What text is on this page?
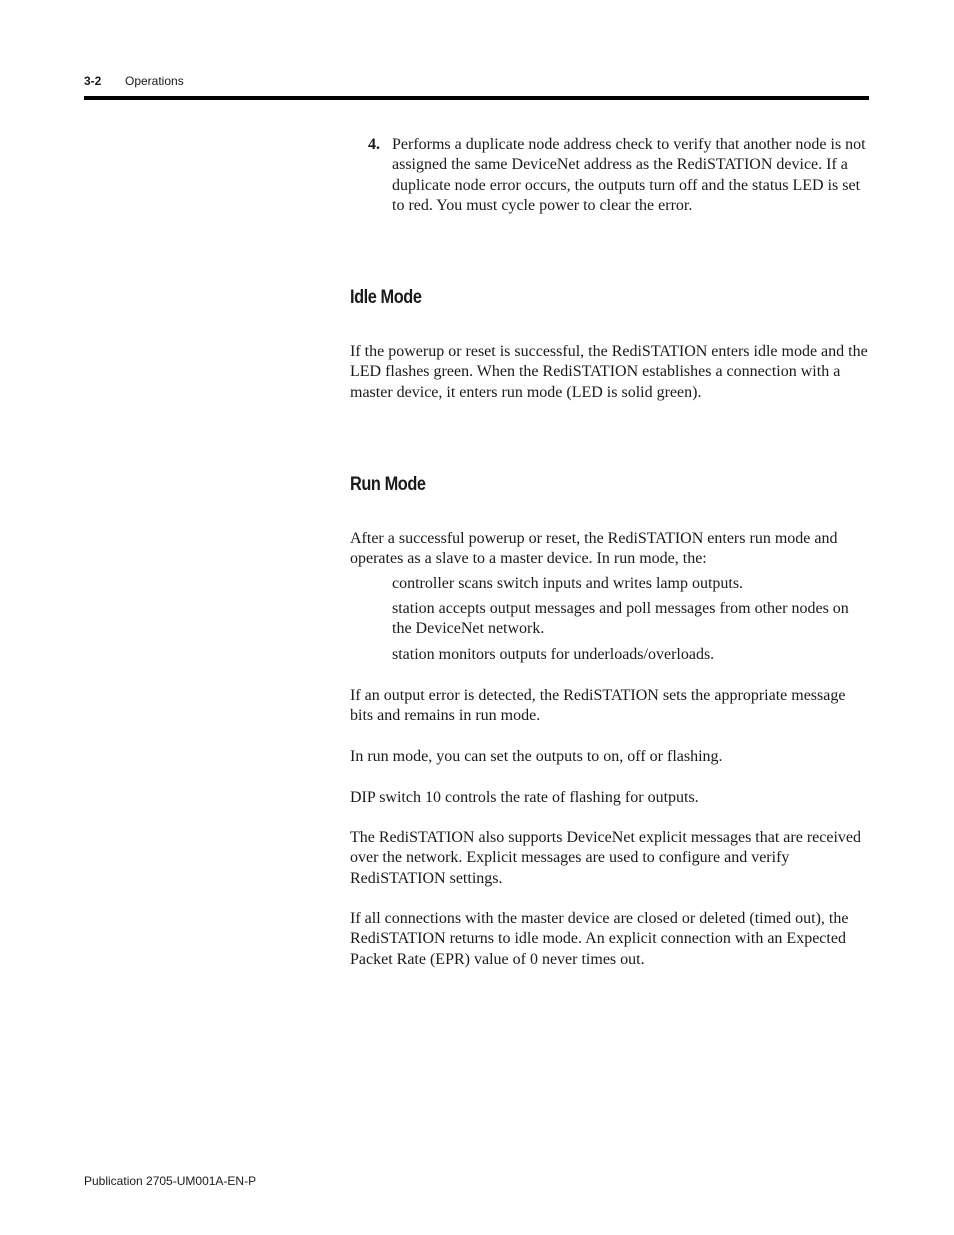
3-2 Operations
4. Performs a duplicate node address check to verify that another node is not assigned the same DeviceNet address as the RediSTATION device. If a duplicate node error occurs, the outputs turn off and the status LED is set to red. You must cycle power to clear the error.
Idle Mode
If the powerup or reset is successful, the RediSTATION enters idle mode and the LED flashes green. When the RediSTATION establishes a connection with a master device, it enters run mode (LED is solid green).
Run Mode
After a successful powerup or reset, the RediSTATION enters run mode and operates as a slave to a master device. In run mode, the:
controller scans switch inputs and writes lamp outputs.
station accepts output messages and poll messages from other nodes on the DeviceNet network.
station monitors outputs for underloads/overloads.
If an output error is detected, the RediSTATION sets the appropriate message bits and remains in run mode.
In run mode, you can set the outputs to on, off or flashing.
DIP switch 10 controls the rate of flashing for outputs.
The RediSTATION also supports DeviceNet explicit messages that are received over the network. Explicit messages are used to configure and verify RediSTATION settings.
If all connections with the master device are closed or deleted (timed out), the RediSTATION returns to idle mode. An explicit connection with an Expected Packet Rate (EPR) value of 0 never times out.
Publication 2705-UM001A-EN-P
